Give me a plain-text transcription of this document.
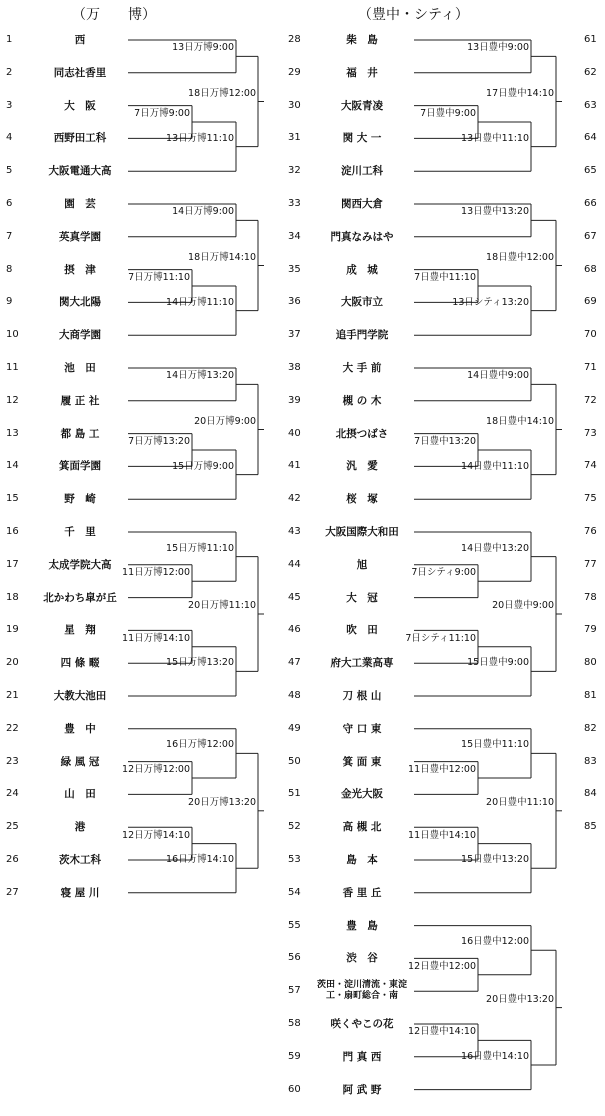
（万　　博）	（豊中・シティ）
1
2
3
4
5
6
7
8
9
10
11
12
13
14
15
16
17
18
19
20
21
22
23
24
25
26
27
西
同志社香里
大　阪
西野田工科
大阪電通大高
園　芸
英真学園
摂　津
関大北陽
大商学園
池　田
履 正 社
都 島 工
箕面学園
野　崎
千　里
太成学院大高
北かわち皐が丘
星　翔
四 條 畷
大教大池田
豊　中
緑 風 冠
山　田
港
茨木工科
寝 屋 川
28
29
30
31
32
33
34
35
36
37
38
39
40
41
42
43
44
45
46
47
48
49
50
51
52
53
54
55
56
57
58
59
60
柴　島
福　井
大阪青凌
関 大 一
淀川工科
関西大倉
門真なみはや
成　城
大阪市立
追手門学院
大 手 前
槻 の 木
北摂つばさ
汎　愛
桜　塚
大阪国際大和田
旭
大　冠
吹　田
府大工業高専
刀 根 山
守 口 東
箕 面 東
金光大阪
高 槻 北
島　本
香 里 丘
豊　島
渋　谷
茨田・淀川清流・東淀工・扇町総合・南
咲くやこの花
門 真 西
阿 武 野
61
62
63
64
65
66
67
68
69
70
71
72
73
74
75
76
77
78
79
80
81
82
83
84
85
13日万博9:00
18日万博12:00
7日万博9:00
13日万博11:10
14日万博9:00
18日万博14:10
7日万博11:10
14日万博11:10
14日万博13:20
20日万博9:00
7日万博13:20
15日万博9:00
15日万博11:10
11日万博12:00
20日万博11:10
11日万博14:10
15日万博13:20
16日万博12:00
12日万博12:00
20日万博13:20
12日万博14:10
16日万博14:10
13日豊中9:00
17日豊中14:10
7日豊中9:00
13日豊中11:10
13日豊中13:20
18日豊中12:00
7日豊中11:10
13日シティ13:20
14日豊中9:00
18日豊中14:10
7日豊中13:20
14日豊中11:10
14日豊中13:20
7日シティ9:00
20日豊中9:00
7日シティ11:10
15日豊中9:00
15日豊中11:10
11日豊中12:00
20日豊中11:10
11日豊中14:10
15日豊中13:20
16日豊中12:00
12日豊中12:00
20日豊中13:20
12日豊中14:10
16日豊中14:10
